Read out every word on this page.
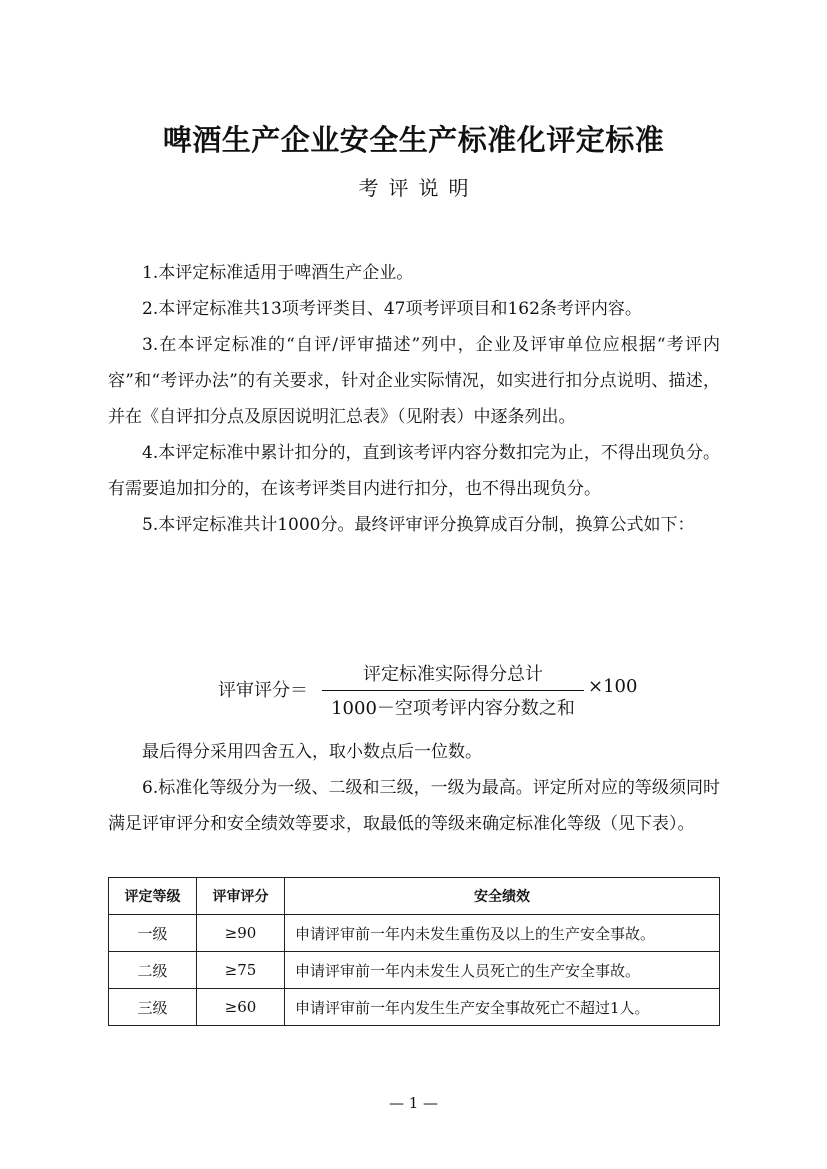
啤酒生产企业安全生产标准化评定标准
考评说明

1.本评定标准适用于啤酒生产企业。

2.本评定标准共13项考评类目、47项考评项目和162条考评内容。

3.在本评定标准的“自评/评审描述”列中，企业及评审单位应根据“考评内容”和“考评办法”的有关要求，针对企业实际情况，如实进行扣分点说明、描述，并在《自评扣分点及原因说明汇总表》（见附表）中逐条列出。

4.本评定标准中累计扣分的，直到该考评内容分数扣完为止，不得出现负分。有需要追加扣分的，在该考评类目内进行扣分，也不得出现负分。

5.本评定标准共计1000分。最终评审评分换算成百分制，换算公式如下：

评审评分＝
评定标准实际得分总计
1000－空项考评内容分数之和
×100

最后得分采用四舍五入，取小数点后一位数。

6.标准化等级分为一级、二级和三级，一级为最高。评定所对应的等级须同时满足评审评分和安全绩效等要求，取最低的等级来确定标准化等级（见下表）。

评定等级	评审评分	安全绩效
一级	≥90	申请评审前一年内未发生重伤及以上的生产安全事故。
二级	≥75	申请评审前一年内未发生人员死亡的生产安全事故。
三级	≥60	申请评审前一年内发生生产安全事故死亡不超过1人。
— 1 —
